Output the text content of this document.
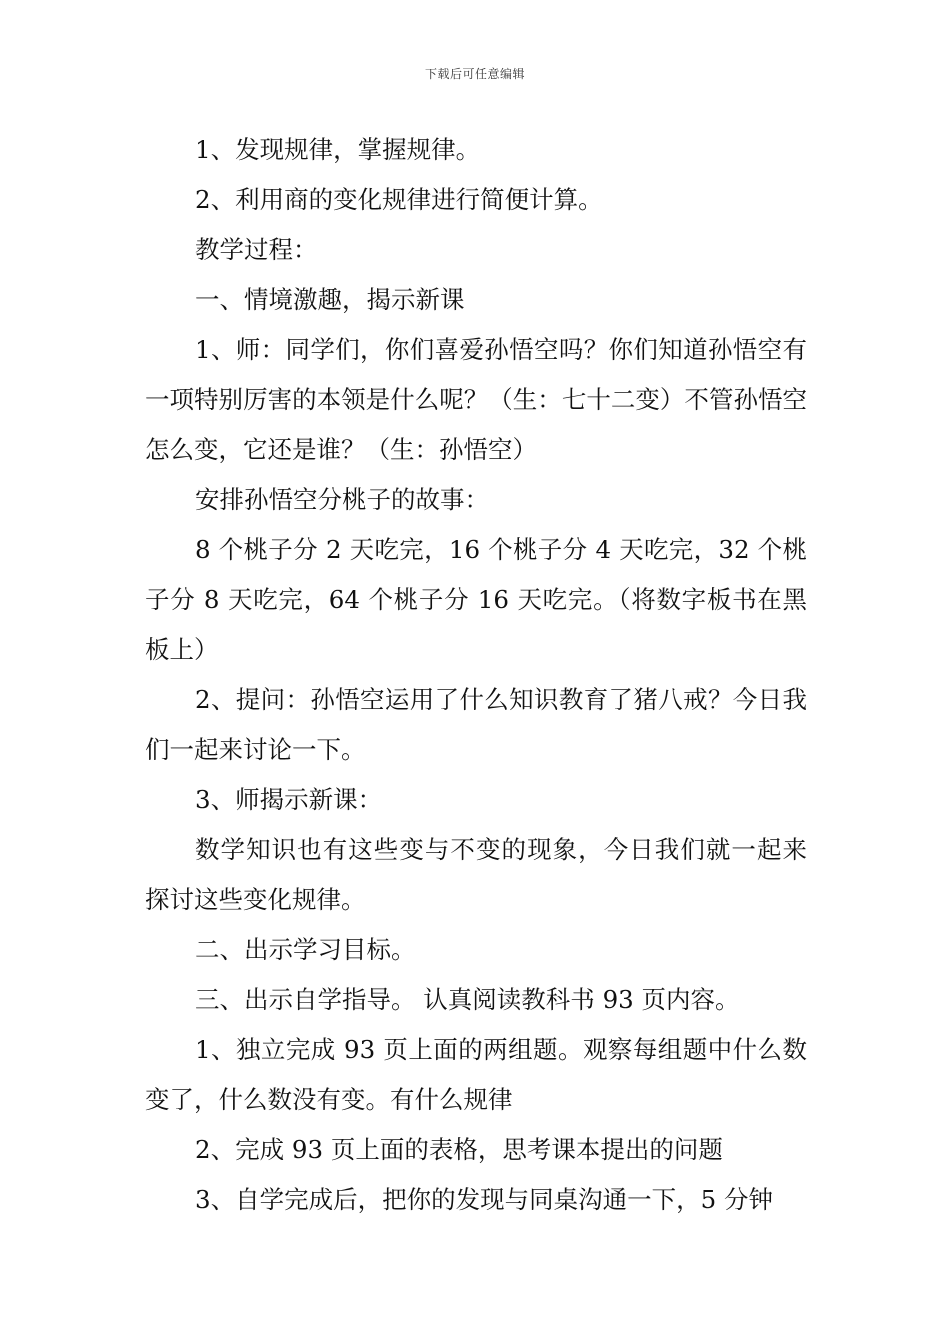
下载后可任意编辑

1、发现规律，掌握规律。

2、利用商的变化规律进行简便计算。

教学过程：

一、情境激趣，揭示新课

1、师：同学们，你们喜爱孙悟空吗？你们知道孙悟空有一项特别厉害的本领是什么呢？（生：七十二变）不管孙悟空怎么变，它还是谁？（生：孙悟空）

安排孙悟空分桃子的故事：

8 个桃子分 2 天吃完，16 个桃子分 4 天吃完，32 个桃子分 8 天吃完，64 个桃子分 16 天吃完。（将数字板书在黑板上）

2、提问：孙悟空运用了什么知识教育了猪八戒？今日我们一起来讨论一下。

3、师揭示新课：

数学知识也有这些变与不变的现象，今日我们就一起来探讨这些变化规律。

二、出示学习目标。

三、出示自学指导。 认真阅读教科书 93 页内容。

1、独立完成 93 页上面的两组题。观察每组题中什么数变了，什么数没有变。有什么规律

2、完成 93 页上面的表格，思考课本提出的问题

3、自学完成后，把你的发现与同桌沟通一下，5 分钟
